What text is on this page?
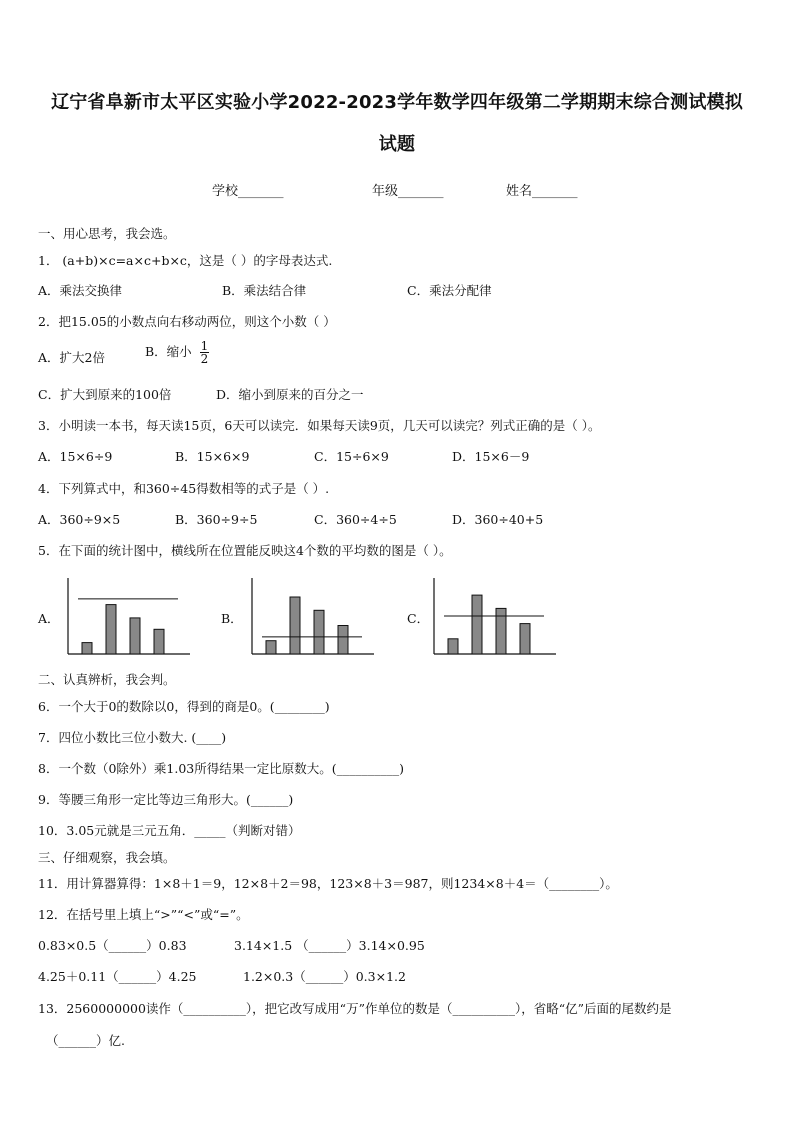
辽宁省阜新市太平区实验小学2022-2023学年数学四年级第二学期期末综合测试模拟
试题
学校_______	年级_______	姓名_______
一、用心思考，我会选。
1． (a+b)×c=a×c+b×c，这是（ ）的字母表达式.
A．乘法交换律	B．乘法结合律	C．乘法分配律
2．把15.05的小数点向右移动两位，则这个小数（ ）
A．扩大2倍	B．缩小 $\frac{1}{2}$
C．扩大到原来的100倍	D．缩小到原来的百分之一
3．小明读一本书，每天读15页，6天可以读完．如果每天读9页，几天可以读完？列式正确的是（ ）。
A．15×6÷9	B．15×6×9	C．15÷6×9	D．15×6－9
4．下列算式中，和360÷45得数相等的式子是（ ）.
A．360÷9×5	B．360÷9÷5	C．360÷4÷5	D．360÷40+5
5．在下面的统计图中，横线所在位置能反映这4个数的平均数的图是（ ）。
A．	B．	C．
二、认真辨析，我会判。
6．一个大于0的数除以0，得到的商是0。(________)
7．四位小数比三位小数大. (____)
8．一个数（0除外）乘1.03所得结果一定比原数大。(__________)
9．等腰三角形一定比等边三角形大。(______)
10．3.05元就是三元五角．_____（判断对错）
三、仔细观察，我会填。
11．用计算器算得：1×8＋1＝9，12×8＋2＝98，123×8＋3＝987，则1234×8＋4＝（________）。
12．在括号里上填上“>”“<”或“=”。
0.83×0.5（______）0.83	3.14×1.5 （______）3.14×0.95
4.25＋0.11（______）4.25	1.2×0.3（______）0.3×1.2
13．2560000000读作（__________），把它改写成用“万”作单位的数是（__________），省略“亿”后面的尾数约是
（______）亿.
